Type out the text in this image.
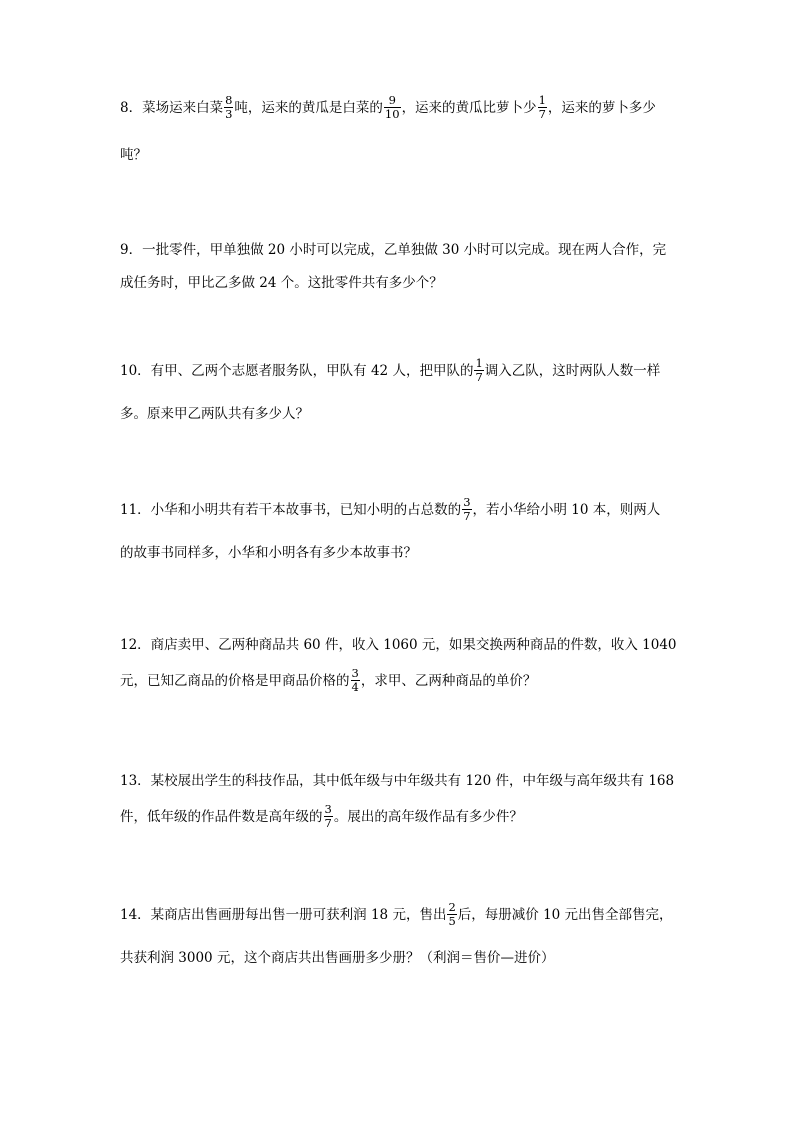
8．菜场运来白菜 $\frac{8}{3}$ 吨，运来的黄瓜是白菜的 $\frac{9}{10}$ ，运来的黄瓜比萝卜少 $\frac{1}{7}$ ，运来的萝卜多少
吨？
9．一批零件，甲单独做 20 小时可以完成，乙单独做 30 小时可以完成。现在两人合作，完
成任务时，甲比乙多做 24 个。这批零件共有多少个？
10．有甲、乙两个志愿者服务队，甲队有 42 人，把甲队的 $\frac{1}{7}$ 调入乙队，这时两队人数一样
多。原来甲乙两队共有多少人？
11．小华和小明共有若干本故事书，已知小明的占总数的 $\frac{3}{7}$ ，若小华给小明 10 本，则两人
的故事书同样多，小华和小明各有多少本故事书？
12．商店卖甲、乙两种商品共 60 件，收入 1060 元，如果交换两种商品的件数，收入 1040
元，已知乙商品的价格是甲商品价格的 $\frac{3}{4}$ ，求甲、乙两种商品的单价？
13．某校展出学生的科技作品，其中低年级与中年级共有 120 件，中年级与高年级共有 168
件，低年级的作品件数是高年级的 $\frac{3}{7}$ 。展出的高年级作品有多少件？
14．某商店出售画册每出售一册可获利润 18 元，售出 $\frac{2}{5}$ 后，每册减价 10 元出售全部售完，
共获利润 3000 元，这个商店共出售画册多少册？（利润＝售价—进价）
